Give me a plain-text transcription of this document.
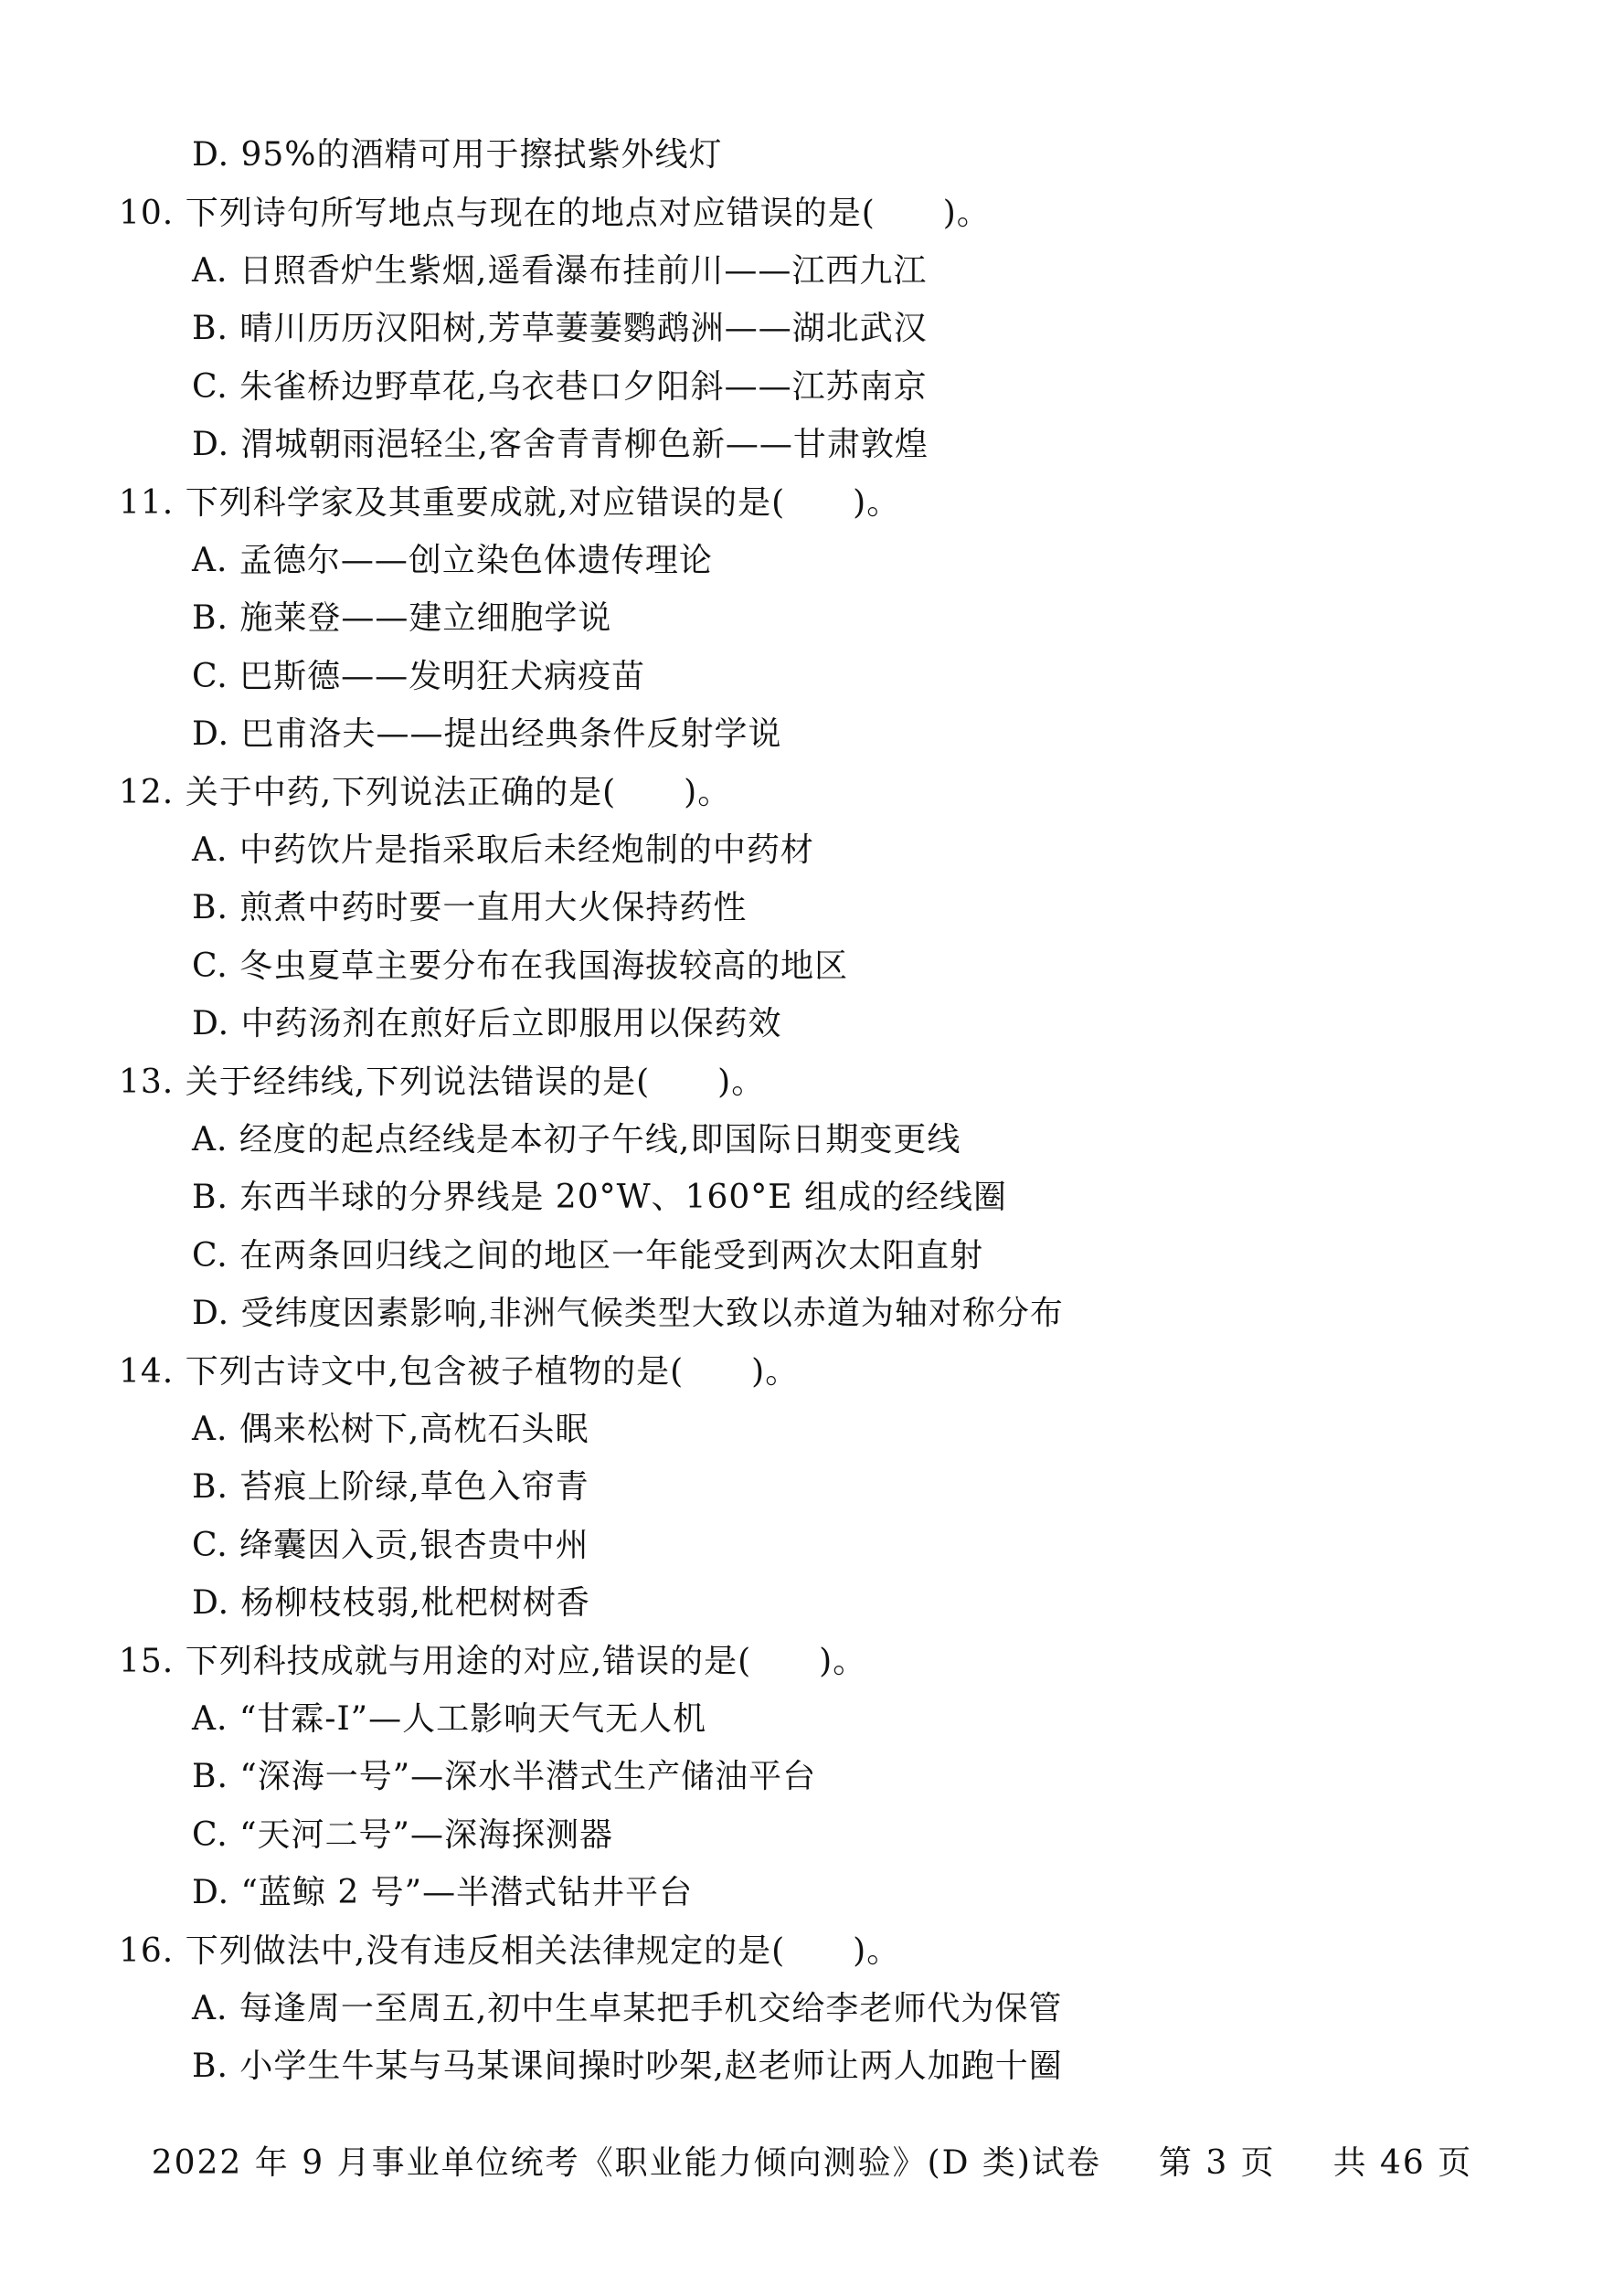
D. 95%的酒精可用于擦拭紫外线灯
10. 下列诗句所写地点与现在的地点对应错误的是(　　)。
A. 日照香炉生紫烟,遥看瀑布挂前川——江西九江
B. 晴川历历汉阳树,芳草萋萋鹦鹉洲——湖北武汉
C. 朱雀桥边野草花,乌衣巷口夕阳斜——江苏南京
D. 渭城朝雨浥轻尘,客舍青青柳色新——甘肃敦煌
11. 下列科学家及其重要成就,对应错误的是(　　)。
A. 孟德尔——创立染色体遗传理论
B. 施莱登——建立细胞学说
C. 巴斯德——发明狂犬病疫苗
D. 巴甫洛夫——提出经典条件反射学说
12. 关于中药,下列说法正确的是(　　)。
A. 中药饮片是指采取后未经炮制的中药材
B. 煎煮中药时要一直用大火保持药性
C. 冬虫夏草主要分布在我国海拔较高的地区
D. 中药汤剂在煎好后立即服用以保药效
13. 关于经纬线,下列说法错误的是(　　)。
A. 经度的起点经线是本初子午线,即国际日期变更线
B. 东西半球的分界线是 20°W、160°E 组成的经线圈
C. 在两条回归线之间的地区一年能受到两次太阳直射
D. 受纬度因素影响,非洲气候类型大致以赤道为轴对称分布
14. 下列古诗文中,包含被子植物的是(　　)。
A. 偶来松树下,高枕石头眠
B. 苔痕上阶绿,草色入帘青
C. 绛囊因入贡,银杏贵中州
D. 杨柳枝枝弱,枇杷树树香
15. 下列科技成就与用途的对应,错误的是(　　)。
A. “甘霖-I”—人工影响天气无人机
B. “深海一号”—深水半潜式生产储油平台
C. “天河二号”—深海探测器
D. “蓝鲸 2 号”—半潜式钻井平台
16. 下列做法中,没有违反相关法律规定的是(　　)。
A. 每逢周一至周五,初中生卓某把手机交给李老师代为保管
B. 小学生牛某与马某课间操时吵架,赵老师让两人加跑十圈
2022 年 9 月事业单位统考《职业能力倾向测验》(D 类)试卷 第 3 页 共 46 页
